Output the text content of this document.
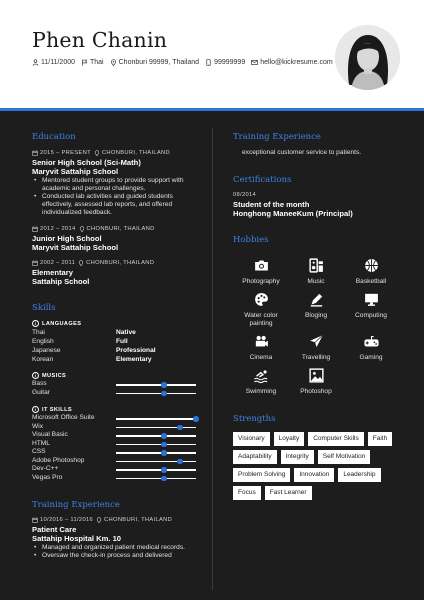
Phen Chanin
11/11/2000 Thai Chonburi 99999, Thailand 99999999 hello@kickresume.com
Education
2015 – PRESENT CHONBURI, THAILAND
Senior High School (Sci-Math)
Maryvit Sattahip School
• Mentored student groups to provide support with academic and personal challenges.
• Conducted lab activities and guided students effectively, assessed lab reports, and offered individualized feedback.
2012 – 2014 CHONBURI, THAILAND
Junior High School
Maryvit Sattahip School
2002 – 2011 CHONBURI, THAILAND
Elementary
Sattahip School
Skills
i	LANGUAGES
Thai	Native
English	Full
Japanese	Professional
Korean	Elementary
i	MUSICS
Bass
Guitar
i	IT SKILLS
Microsoft Office Suite
Wix
Visual Basic
HTML
CSS
Adobe Photoshop
Dev-C++
Vegas Pro
Training Experience
10/2016 – 11/2016 CHONBURI, THAILAND
Patient Care
Sattahip Hospital Km. 10
• Managed and organized patient medical records.
• Oversaw the check-in process and delivered
Training Experience
exceptional customer service to patients.
Certifications
08/2014
Student of the month
Honghong ManeeKum (Principal)
Hobbies
Photography	Music	Basketball
Water color painting
Bloging	Computing
Cinema	Travelling	Gaming
Swimming	Photoshop
Strengths
Visionary	Loyalty	Computer Skills	Faith
Adaptability	Integrity	Self Motivation
Problem Solving	Innovation	Leadership
Focus	Fast Learner
